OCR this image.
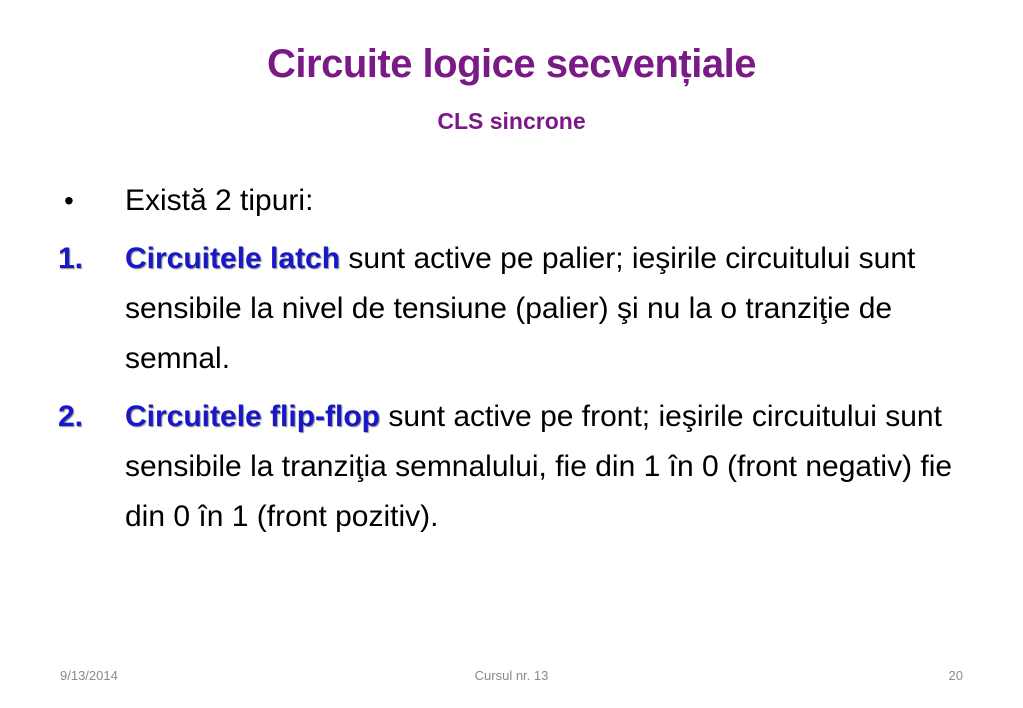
Circuite logice secvențiale
CLS sincrone
•	Există 2 tipuri:
1.	Circuitele latch sunt active pe palier; ieşirile circuitului sunt sensibile la nivel de tensiune (palier) şi nu la o tranziţie de semnal.
2.	Circuitele flip-flop sunt active pe front; ieşirile circuitului sunt sensibile la tranziţia semnalului, fie din 1 în 0 (front negativ) fie din 0 în 1 (front pozitiv).
9/13/2014	Cursul nr. 13	20
